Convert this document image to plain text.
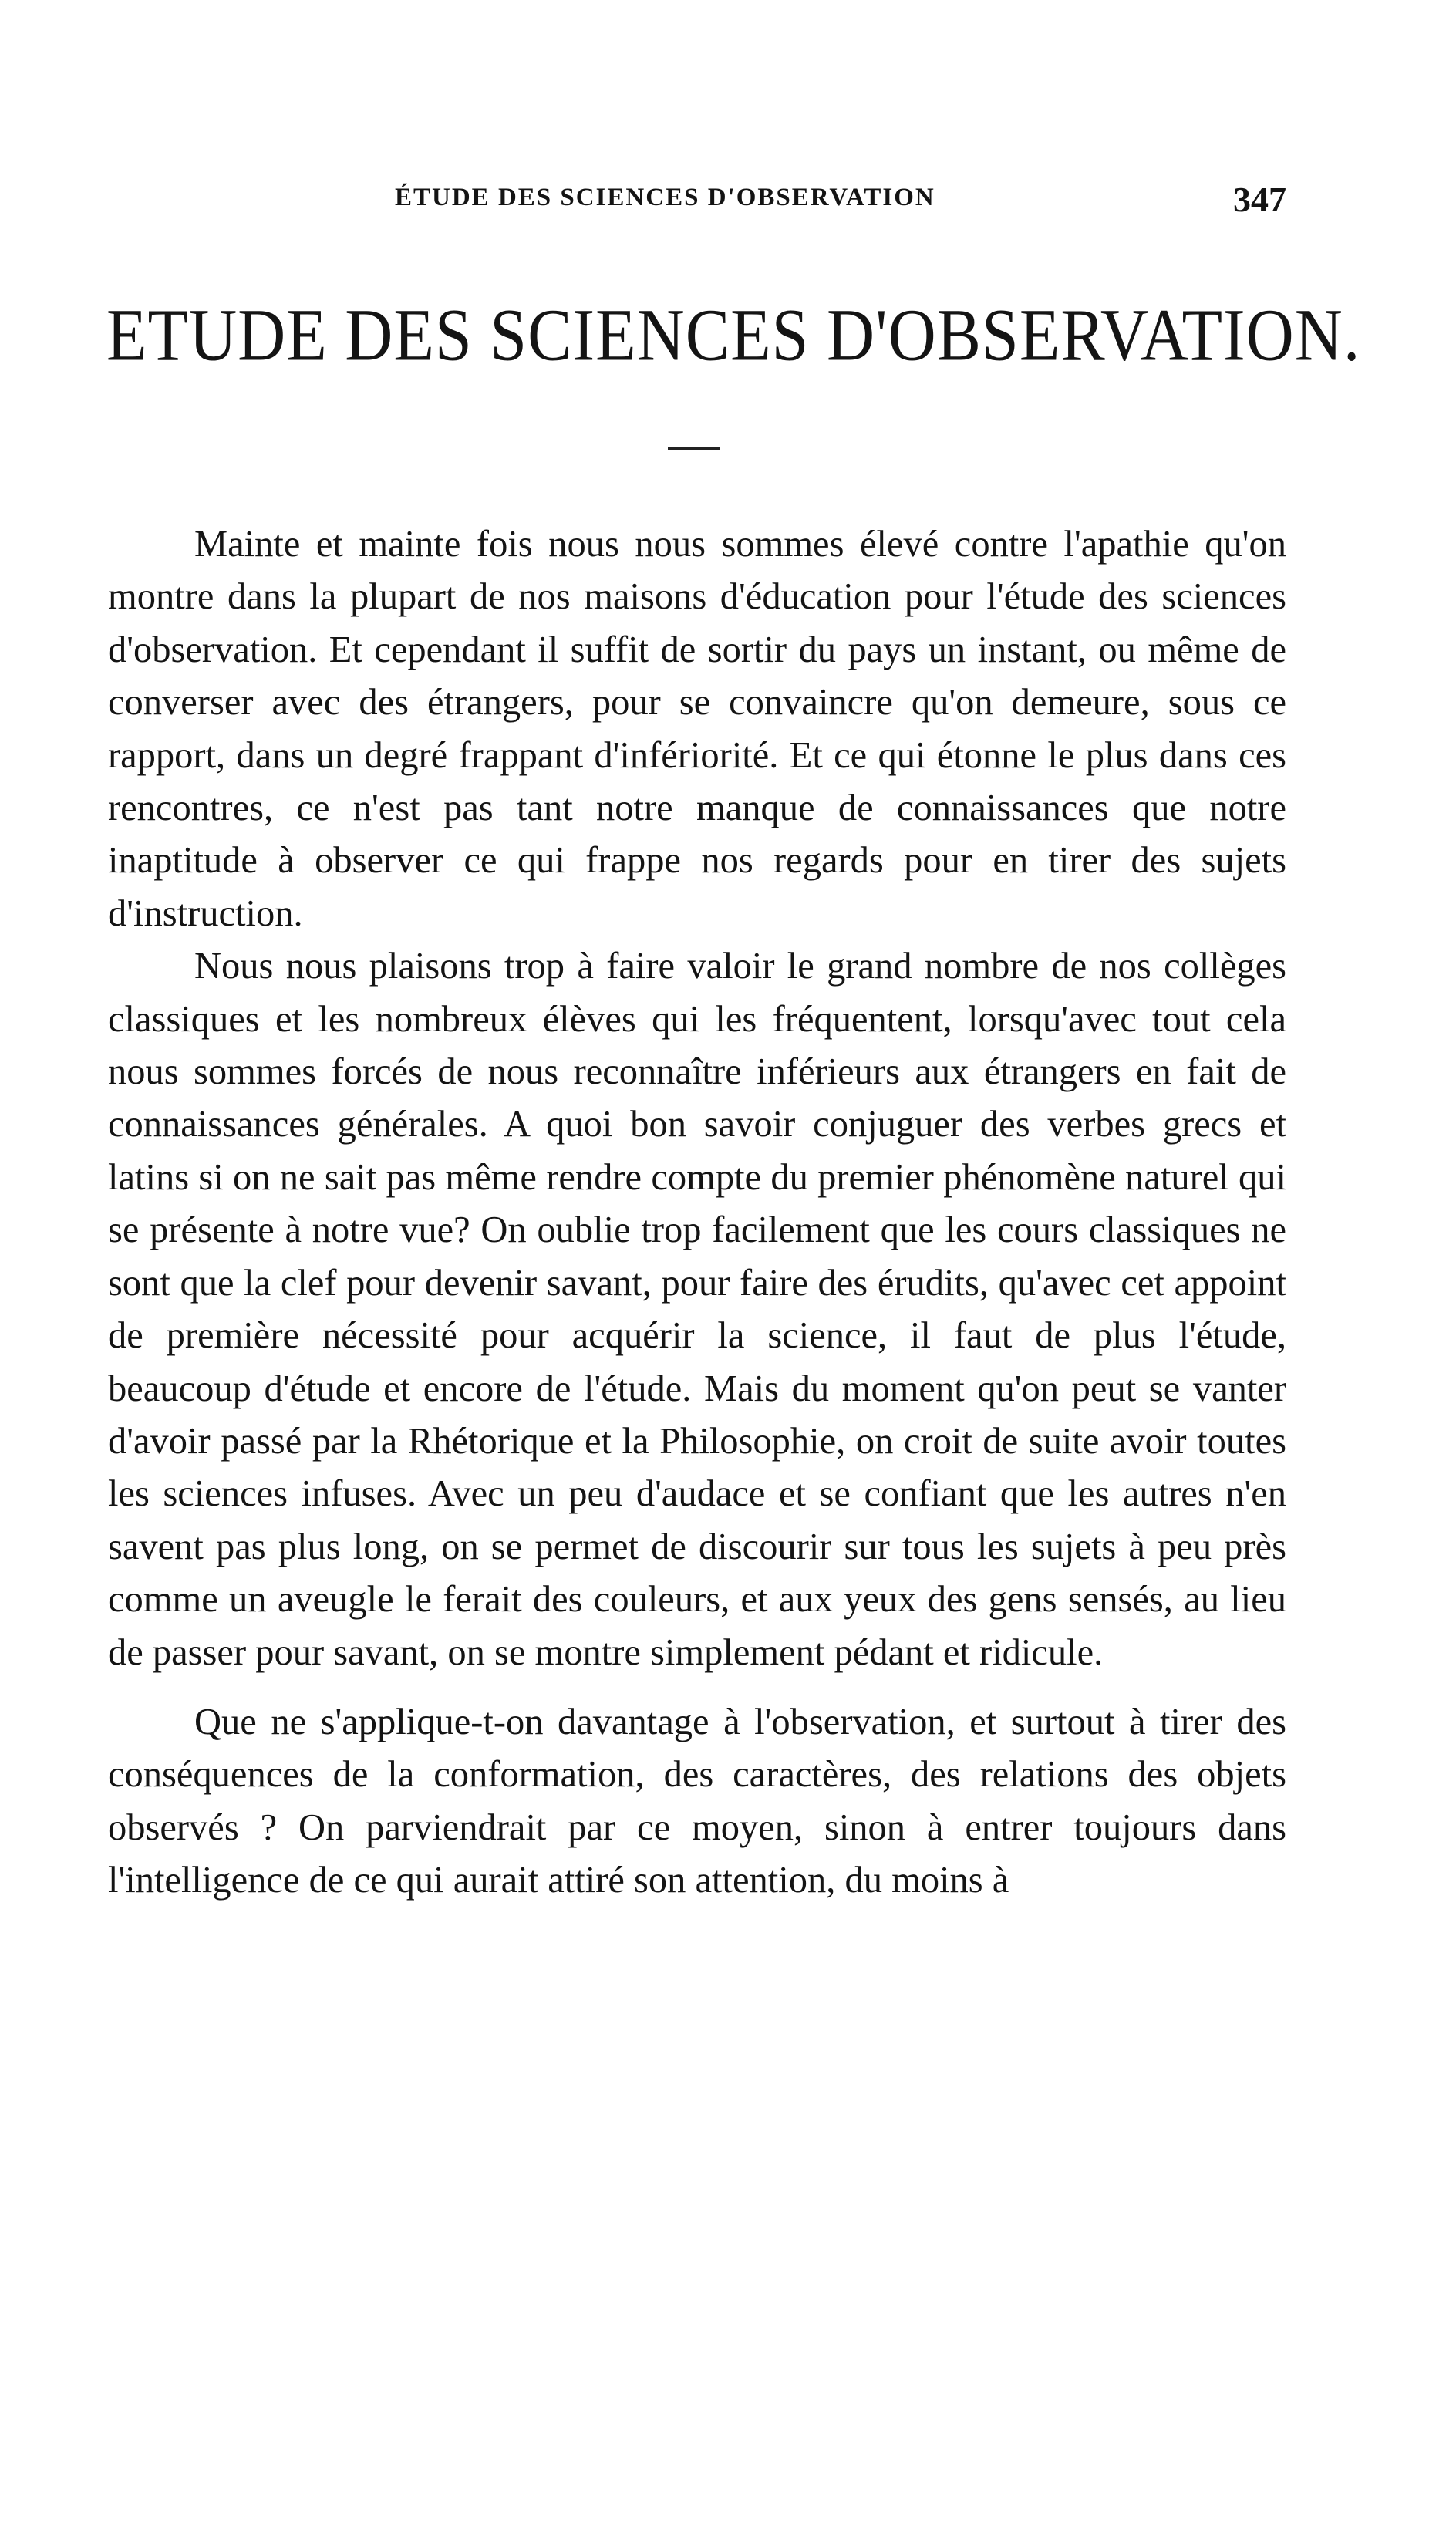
ÉTUDE DES SCIENCES D'OBSERVATION	347
ETUDE DES SCIENCES D'OBSERVATION.

Mainte et mainte fois nous nous sommes élevé contre l'apathie qu'on montre dans la plupart de nos maisons d'éducation pour l'étude des sciences d'observation. Et cependant il suffit de sortir du pays un instant, ou même de converser avec des étrangers, pour se convaincre qu'on demeure, sous ce rapport, dans un degré frappant d'infériorité. Et ce qui étonne le plus dans ces rencontres, ce n'est pas tant notre manque de connaissances que notre inaptitude à observer ce qui frappe nos regards pour en tirer des sujets d'instruction.

Nous nous plaisons trop à faire valoir le grand nombre de nos collèges classiques et les nombreux élèves qui les fréquentent, lorsqu'avec tout cela nous sommes forcés de nous reconnaître inférieurs aux étrangers en fait de connaissances générales. A quoi bon savoir conjuguer des verbes grecs et latins si on ne sait pas même rendre compte du premier phénomène naturel qui se présente à notre vue? On oublie trop facilement que les cours classiques ne sont que la clef pour devenir savant, pour faire des érudits, qu'avec cet appoint de première nécessité pour acquérir la science, il faut de plus l'étude, beaucoup d'étude et encore de l'étude. Mais du moment qu'on peut se vanter d'avoir passé par la Rhétorique et la Philosophie, on croit de suite avoir toutes les sciences infuses. Avec un peu d'audace et se confiant que les autres n'en savent pas plus long, on se permet de discourir sur tous les sujets à peu près comme un aveugle le ferait des couleurs, et aux yeux des gens sensés, au lieu de passer pour savant, on se montre simplement pédant et ridicule.

Que ne s'applique-t-on davantage à l'observation, et surtout à tirer des conséquences de la conformation, des caractères, des relations des objets observés ? On parviendrait par ce moyen, sinon à entrer toujours dans l'intelligence de ce qui aurait attiré son attention, du moins à
